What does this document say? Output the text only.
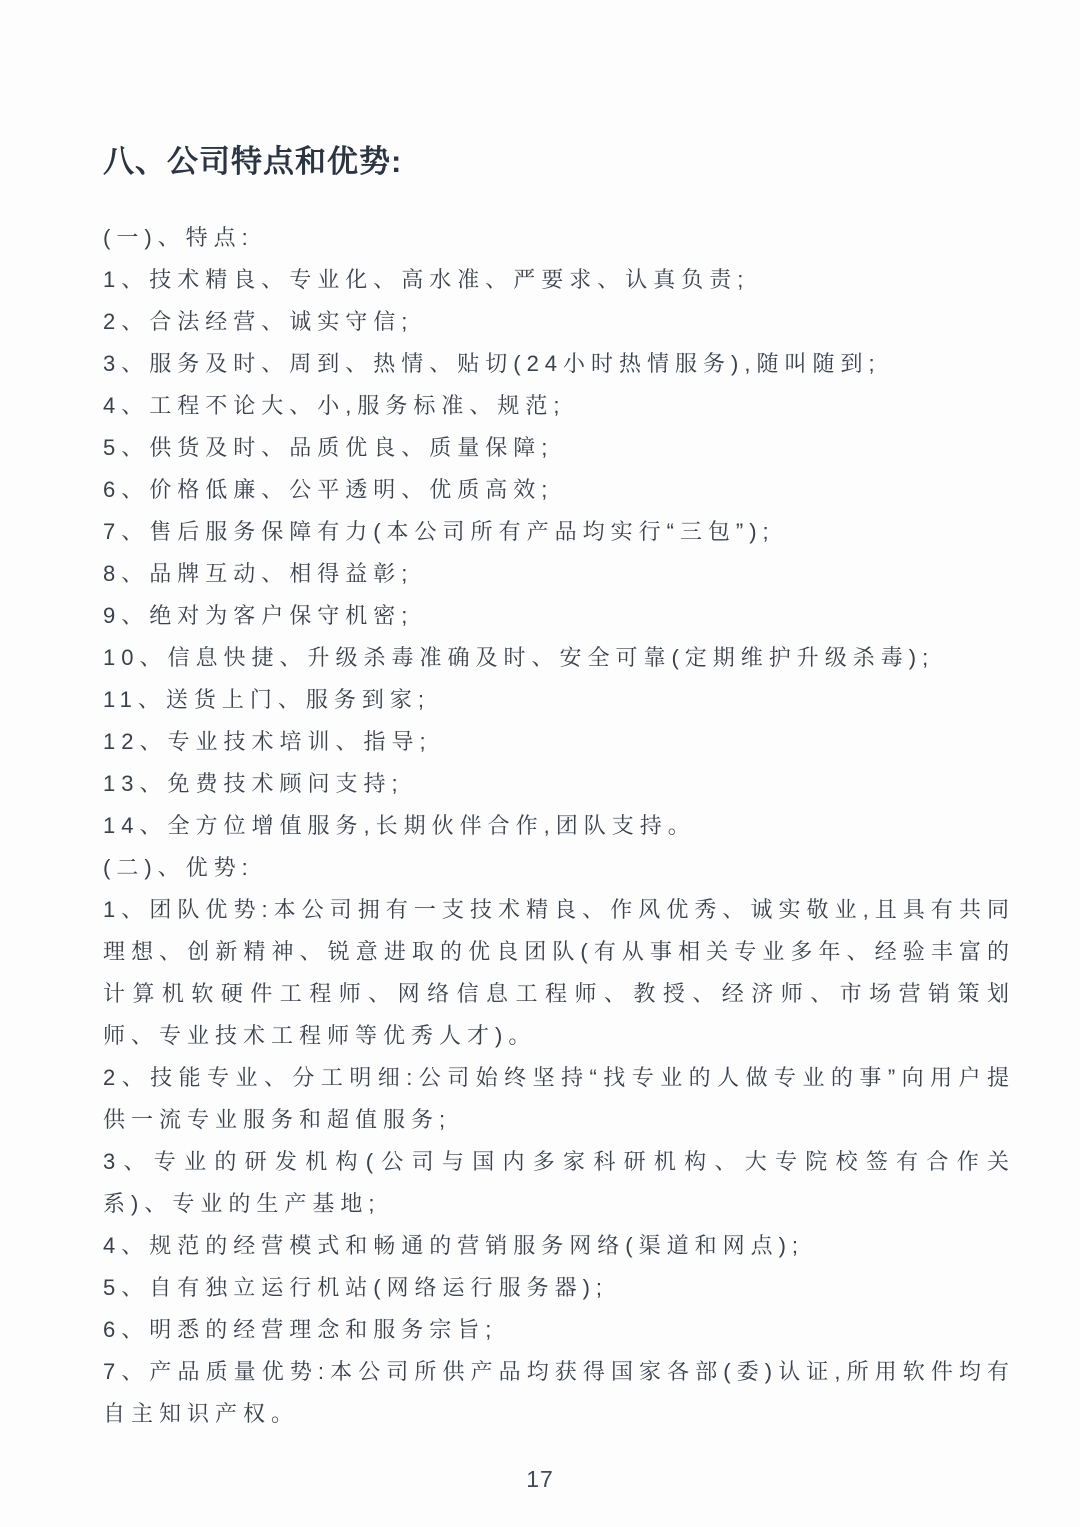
八、公司特点和优势:

(一)、特点:

1、技术精良、专业化、高水准、严要求、认真负责;

2、合法经营、诚实守信;

3、服务及时、周到、热情、贴切(24小时热情服务),随叫随到;

4、工程不论大、小,服务标准、规范;

5、供货及时、品质优良、质量保障;

6、价格低廉、公平透明、优质高效;

7、售后服务保障有力(本公司所有产品均实行“三包”);

8、品牌互动、相得益彰;

9、绝对为客户保守机密;

10、信息快捷、升级杀毒准确及时、安全可靠(定期维护升级杀毒);

11、送货上门、服务到家;

12、专业技术培训、指导;

13、免费技术顾问支持;

14、全方位增值服务,长期伙伴合作,团队支持。

(二)、优势:

1、团队优势:本公司拥有一支技术精良、作风优秀、诚实敬业,且具有共同理想、创新精神、锐意进取的优良团队(有从事相关专业多年、经验丰富的计算机软硬件工程师、网络信息工程师、教授、经济师、市场营销策划师、专业技术工程师等优秀人才)。

2、技能专业、分工明细:公司始终坚持“找专业的人做专业的事”向用户提供一流专业服务和超值服务;

3、专业的研发机构(公司与国内多家科研机构、大专院校签有合作关系)、专业的生产基地;

4、规范的经营模式和畅通的营销服务网络(渠道和网点);

5、自有独立运行机站(网络运行服务器);

6、明悉的经营理念和服务宗旨;

7、产品质量优势:本公司所供产品均获得国家各部(委)认证,所用软件均有自主知识产权。

17
